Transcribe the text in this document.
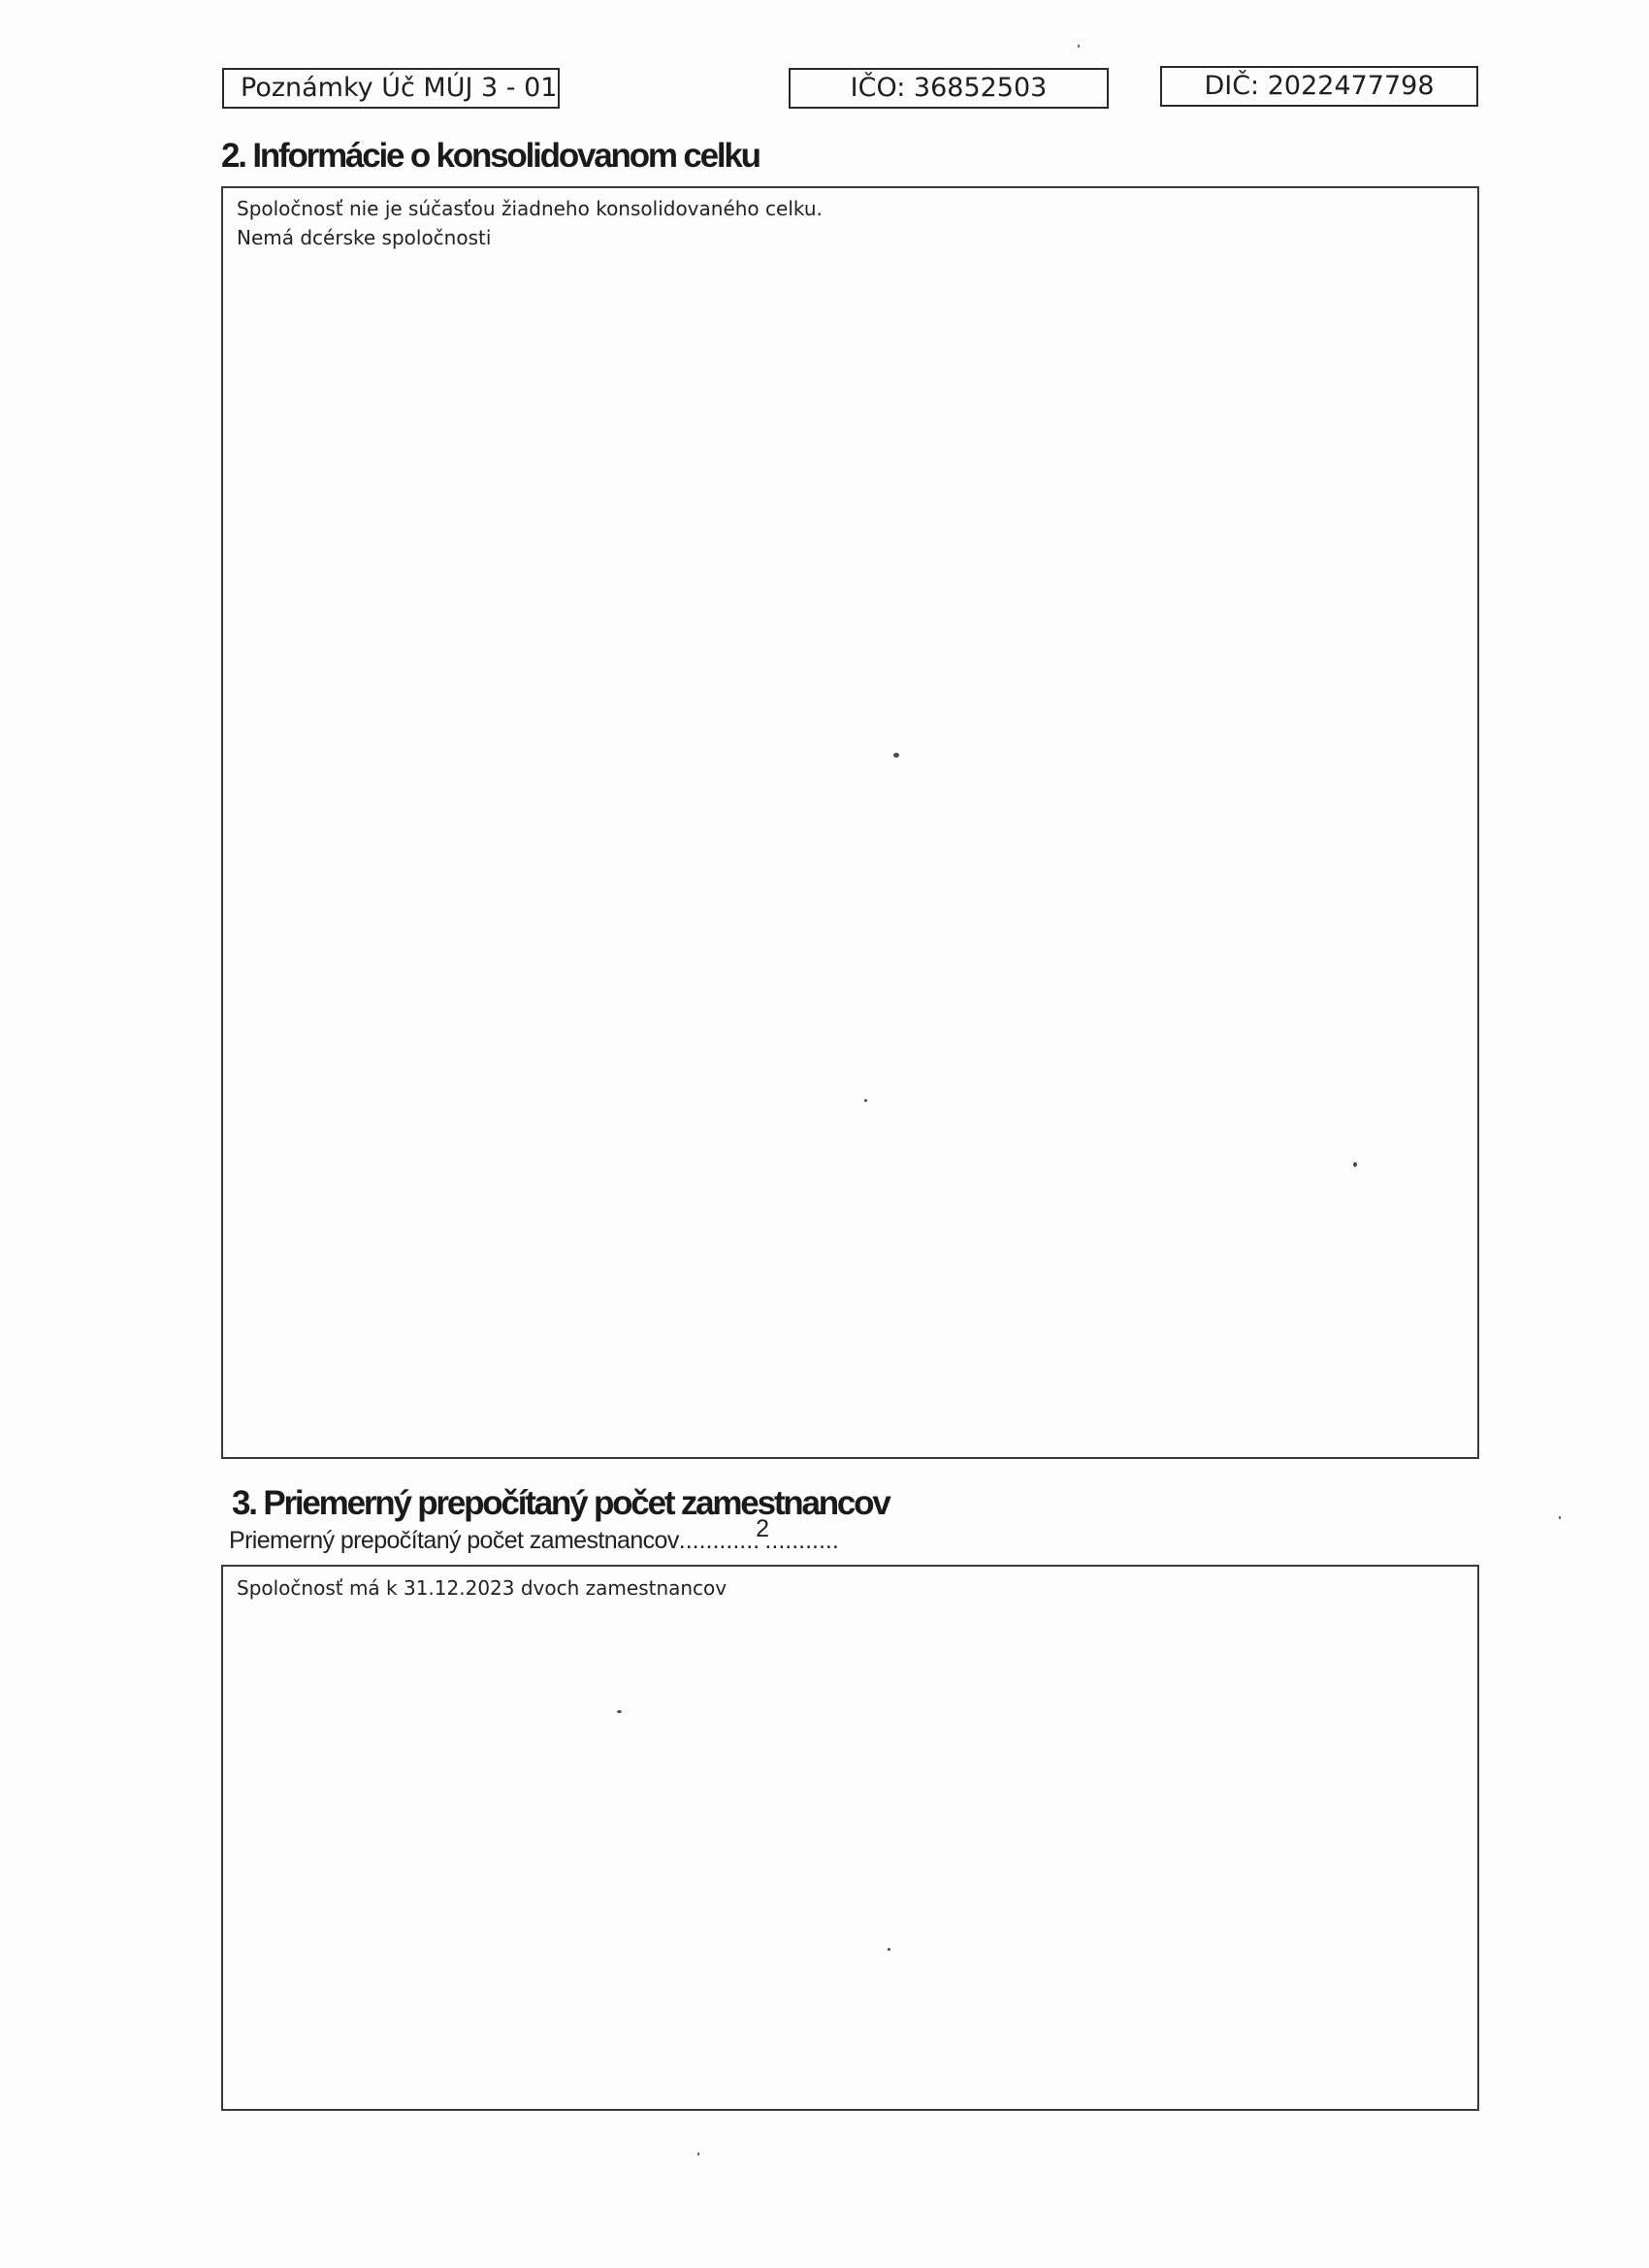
Poznámky Úč MÚJ 3 - 01	IČO: 36852503	DIČ: 2022477798
2. Informácie o konsolidovanom celku
Spoločnosť nie je súčasťou žiadneho konsolidovaného celku.
Nemá dcérske spoločnosti
3. Priemerný prepočítaný počet zamestnancov
Priemerný prepočítaný počet zamestnancov............2...........
Spoločnosť má k 31.12.2023 dvoch zamestnancov
